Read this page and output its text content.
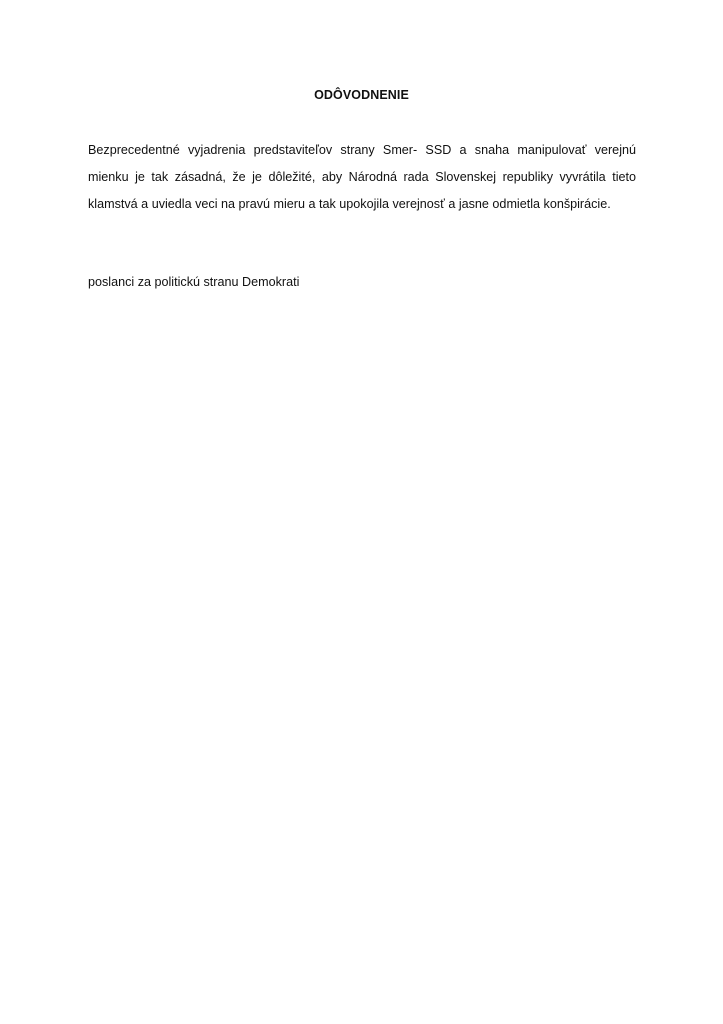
ODÔVODNENIE

Bezprecedentné vyjadrenia predstaviteľov strany Smer- SSD a snaha manipulovať verejnú mienku je tak zásadná, že je dôležité, aby Národná rada Slovenskej republiky vyvrátila tieto klamstvá a uviedla veci na pravú mieru a tak upokojila verejnosť a jasne odmietla konšpirácie.

poslanci za politickú stranu Demokrati
